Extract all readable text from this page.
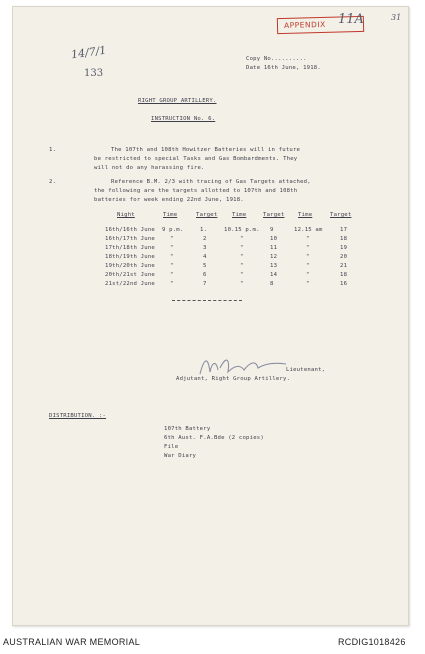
APPENDIX 11A	31
14/7/1
133
Copy No..........
Date 16th June, 1918.
RIGHT GROUP ARTILLERY.
INSTRUCTION No. 6.
1.	The 107th and 108th Howitzer Batteries will in future
be restricted to special Tasks and Gas Bombardments. They
will not do any harassing fire.
2.	Reference B.M. 2/3 with tracing of Gas Targets attached,
the following are the targets allotted to 107th and 108th
batteries for week ending 22nd June, 1918.
Night	Time	Target	Time	Target Time	Target
16th/16th June 9 p.m.	1.	10.15 p.m. 9	12.15 am	17
16th/17th June	"	2	"	10	"	18
17th/18th June	"	3	"	11	"	19
18th/19th June	"	4	"	12	"	20
19th/20th June	"	5	"	13	"	21
20th/21st June	"	6	"	14	"	18
21st/22nd June	"	7	"	8	"	16
Lieutenant,
Adjutant, Right Group Artillery.
DISTRIBUTION. :-
107th Battery
6th Aust. F.A.Bde (2 copies)
File
War Diary
AUSTRALIAN WAR MEMORIAL	RCDIG1018426
